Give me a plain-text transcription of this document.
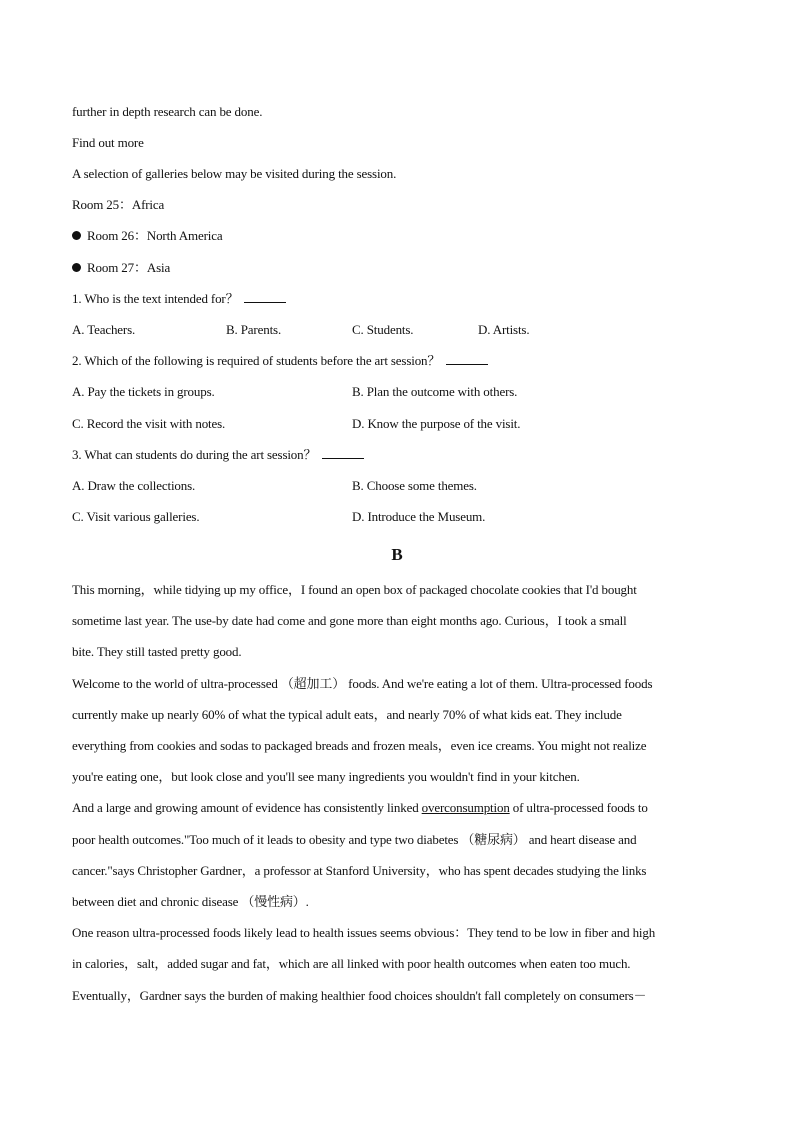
further in depth research can be done.
Find out more
A selection of galleries below may be visited during the session.
Room 25：Africa
Room 26：North America
Room 27：Asia
1. Who is the text intended for？
A. Teachers.	B. Parents.	C. Students.	D. Artists.
2. Which of the following is required of students before the art session？
A. Pay the tickets in groups.	B. Plan the outcome with others.
C. Record the visit with notes.	D. Know the purpose of the visit.
3. What can students do during the art session？
A. Draw the collections.	B. Choose some themes.
C. Visit various galleries.	D. Introduce the Museum.
B
This morning，while tidying up my office，I found an open box of packaged chocolate cookies that I'd bought
sometime last year. The use-by date had come and gone more than eight months ago. Curious，I took a small
bite. They still tasted pretty good.
Welcome to the world of ultra-processed （超加工） foods. And we're eating a lot of them. Ultra-processed foods
currently make up nearly 60% of what the typical adult eats，and nearly 70% of what kids eat. They include
everything from cookies and sodas to packaged breads and frozen meals，even ice creams. You might not realize
you're eating one，but look close and you'll see many ingredients you wouldn't find in your kitchen.
And a large and growing amount of evidence has consistently linked overconsumption of ultra-processed foods to
poor health outcomes."Too much of it leads to obesity and type two diabetes （糖尿病） and heart disease and
cancer."says Christopher Gardner，a professor at Stanford University，who has spent decades studying the links
between diet and chronic disease （慢性病）.
One reason ultra-processed foods likely lead to health issues seems obvious：They tend to be low in fiber and high
in calories，salt，added sugar and fat，which are all linked with poor health outcomes when eaten too much.
Eventually，Gardner says the burden of making healthier food choices shouldn't fall completely on consumers－
